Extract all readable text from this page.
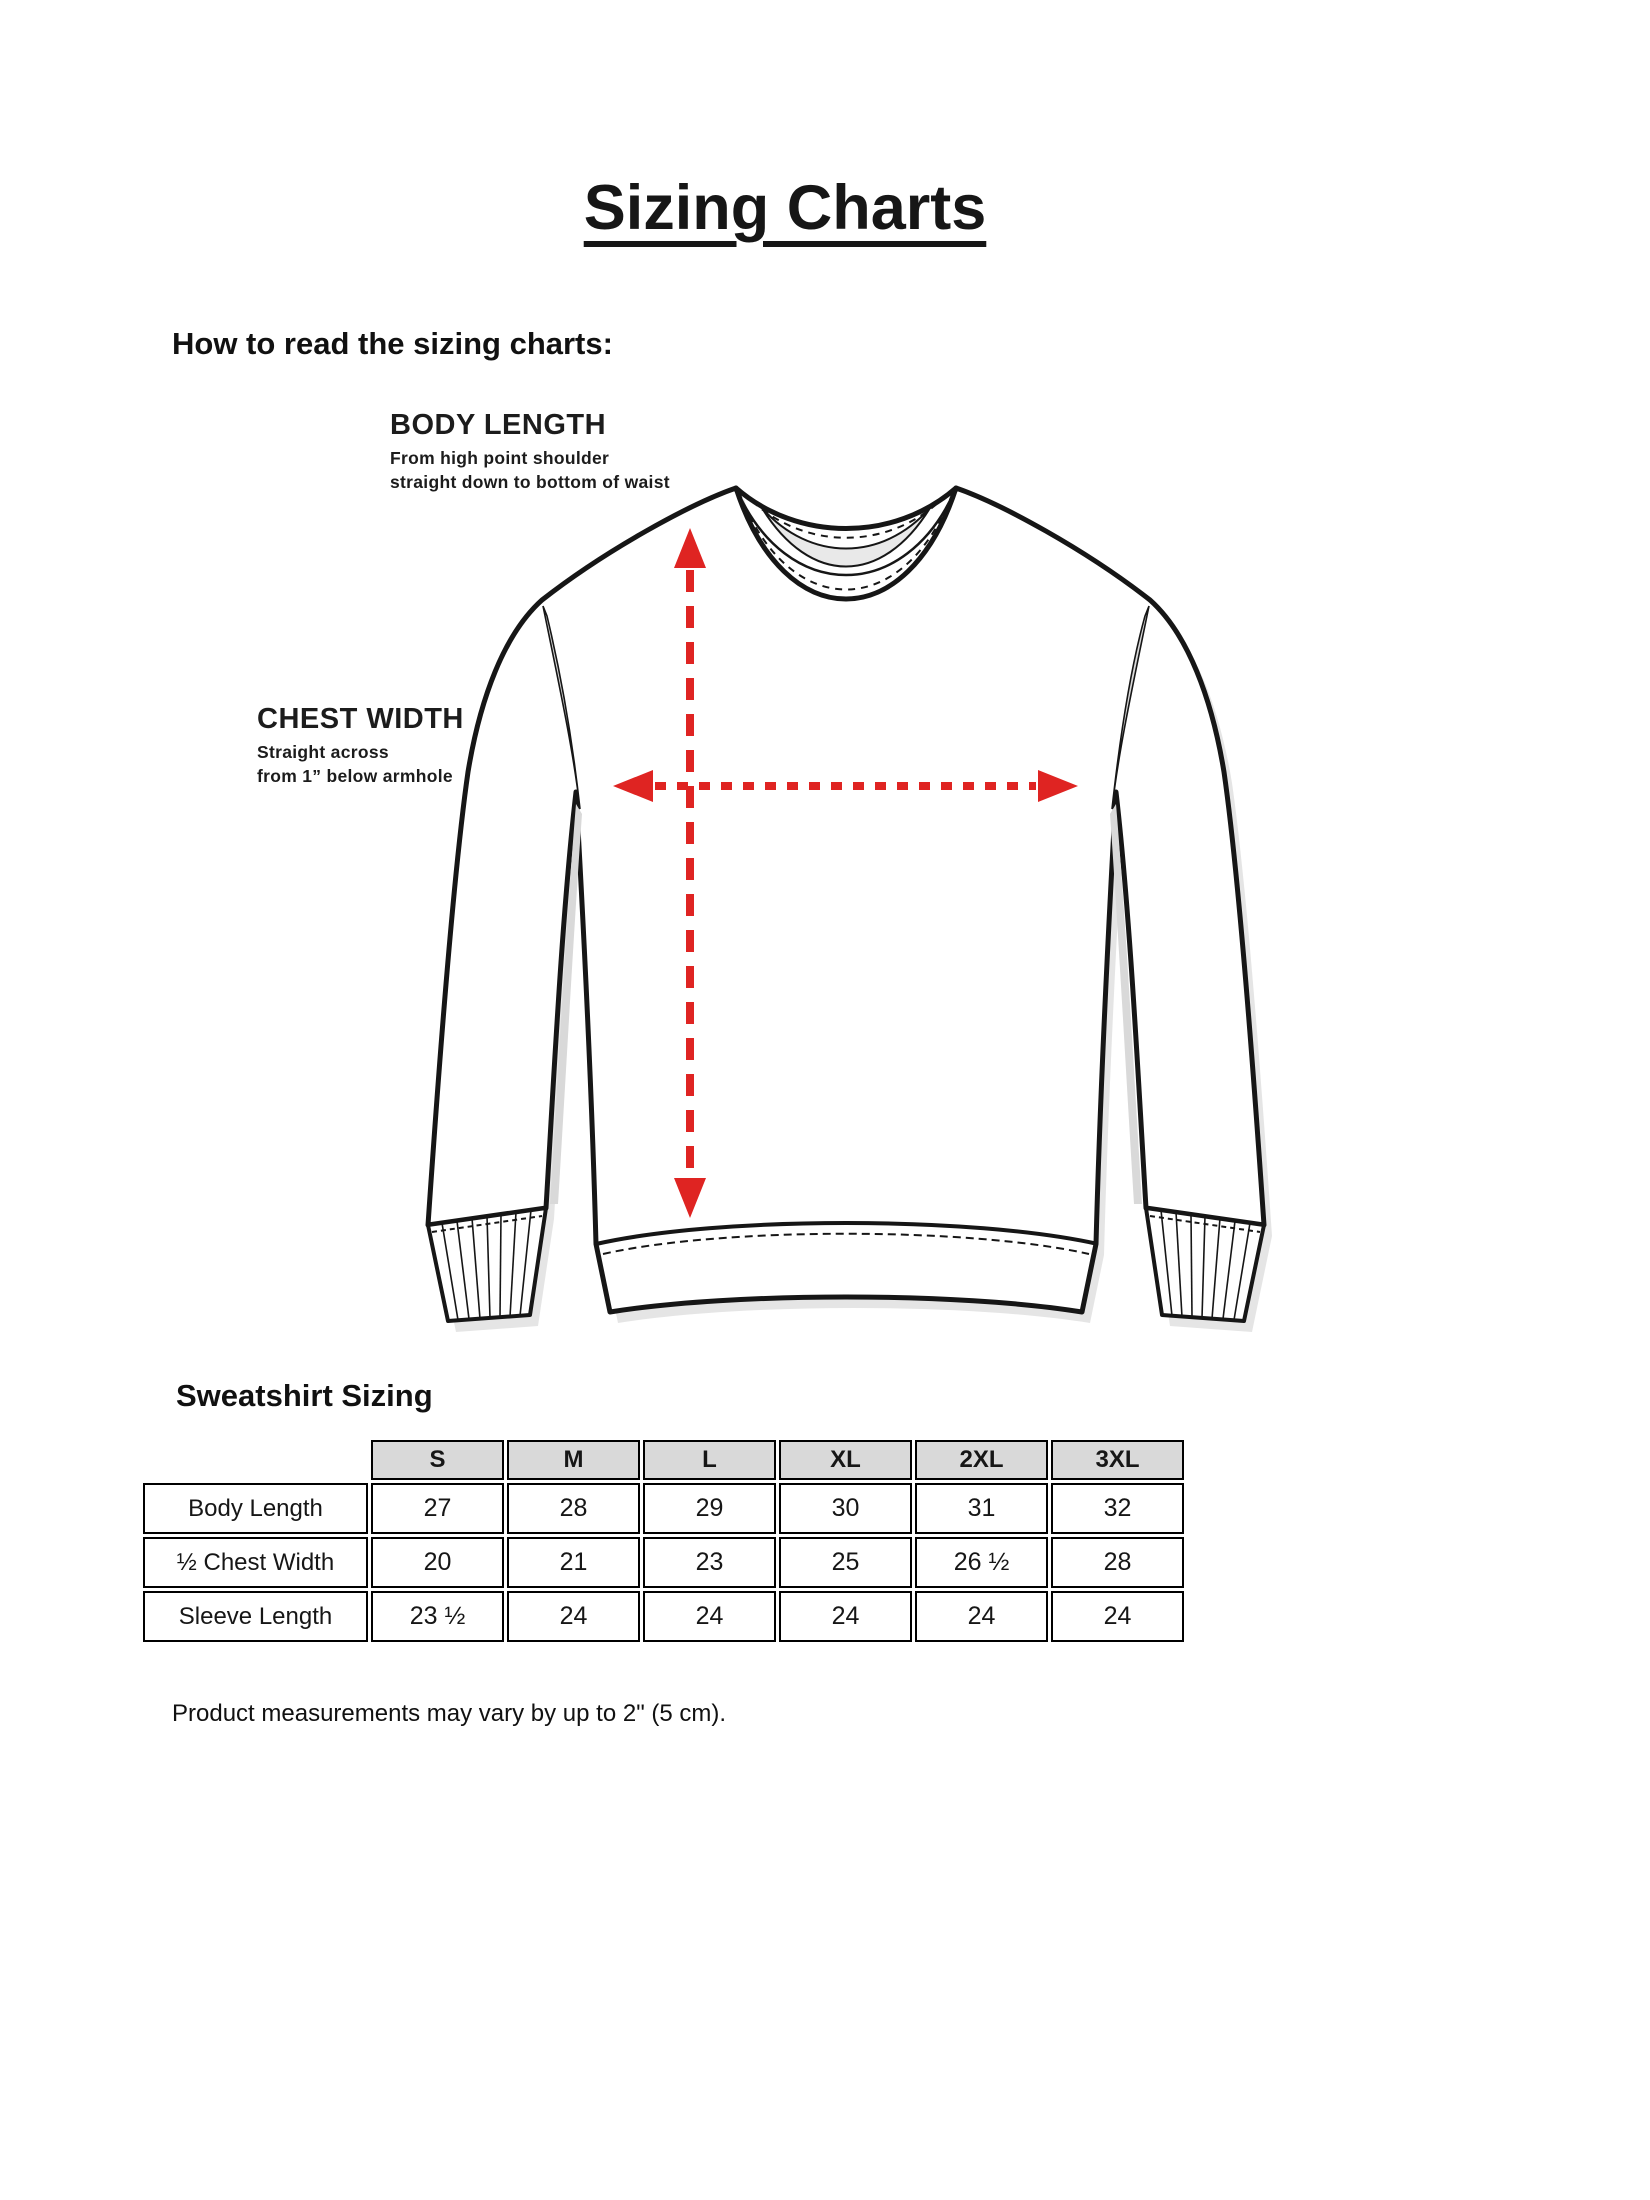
Sizing Charts
How to read the sizing charts:
BODY LENGTH
From high point shoulder
straight down to bottom of waist
CHEST WIDTH
Straight across
from 1” below armhole
Sweatshirt Sizing
	S	M	L	XL	2XL	3XL
Body Length	27	28	29	30	31	32
½ Chest Width	20	21	23	25	26 ½	28
Sleeve Length	23 ½	24	24	24	24	24
Product measurements may vary by up to 2" (5 cm).
